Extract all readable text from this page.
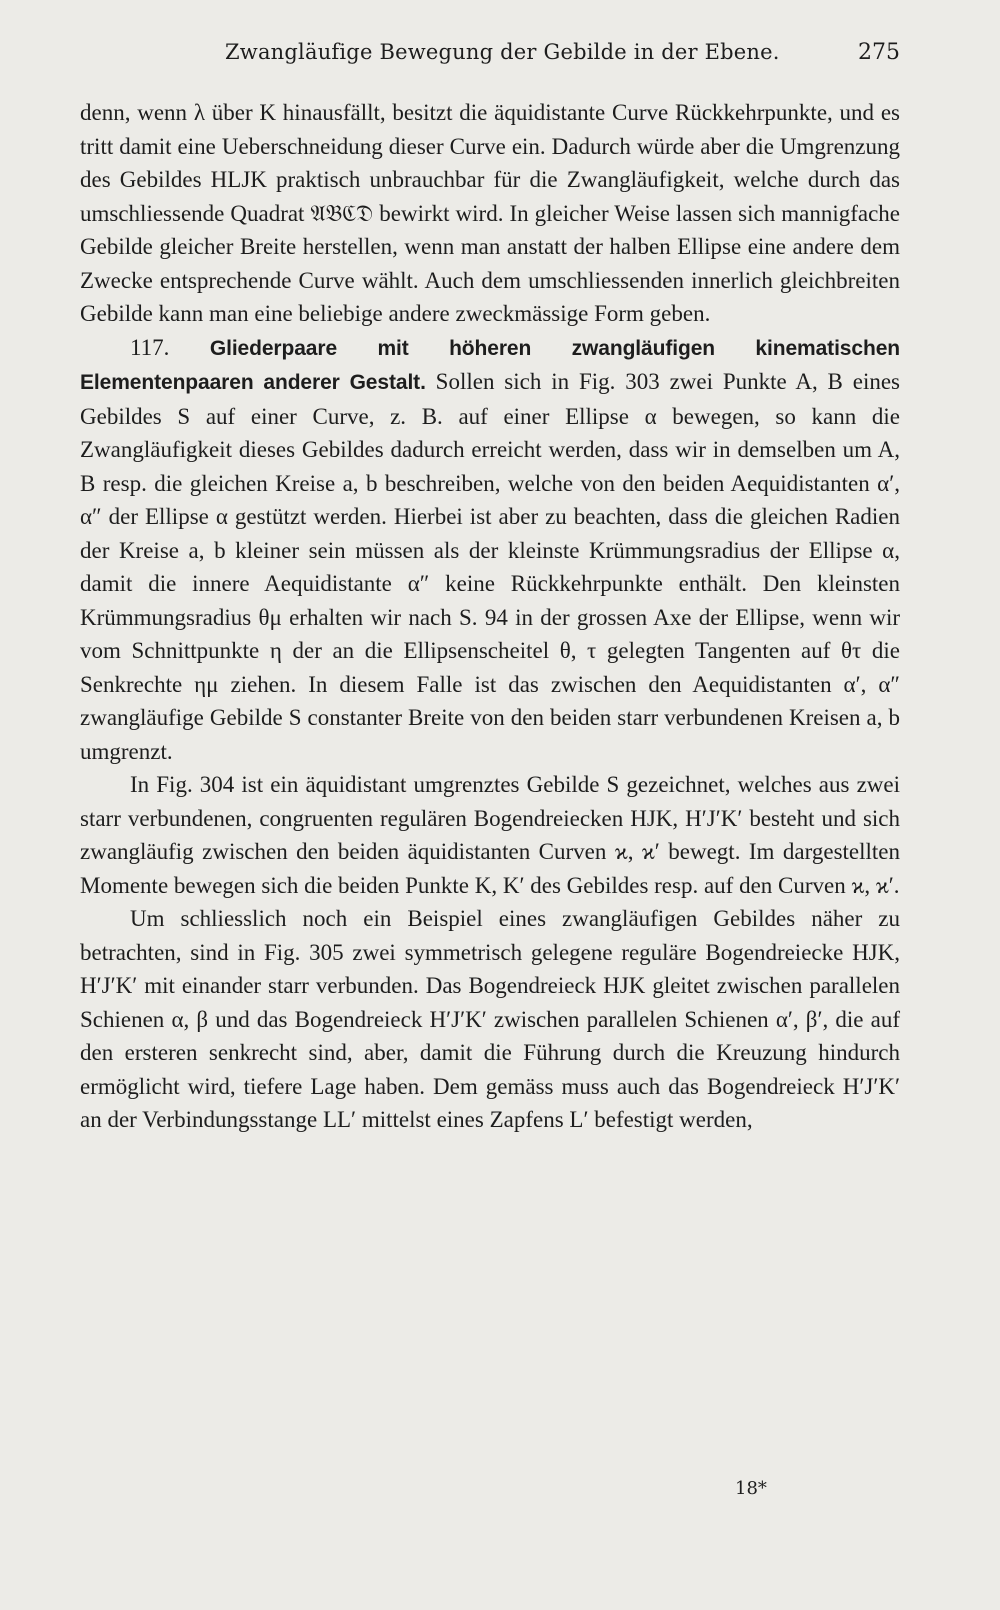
Zwangläufige Bewegung der Gebilde in der Ebene.	275

denn, wenn λ über K hinausfällt, besitzt die äquidistante Curve Rückkehrpunkte, und es tritt damit eine Ueberschneidung dieser Curve ein. Dadurch würde aber die Umgrenzung des Gebildes HLJK praktisch unbrauchbar für die Zwangläufigkeit, welche durch das umschliessende Quadrat 𝔄𝔅ℭ𝔇 bewirkt wird. In gleicher Weise lassen sich mannigfache Gebilde gleicher Breite herstellen, wenn man anstatt der halben Ellipse eine andere dem Zwecke entsprechende Curve wählt. Auch dem umschliessenden innerlich gleichbreiten Gebilde kann man eine beliebige andere zweckmässige Form geben.

117. Gliederpaare mit höheren zwangläufigen kinematischen Elementenpaaren anderer Gestalt. Sollen sich in Fig. 303 zwei Punkte A, B eines Gebildes S auf einer Curve, z. B. auf einer Ellipse α bewegen, so kann die Zwangläufigkeit dieses Gebildes dadurch erreicht werden, dass wir in demselben um A, B resp. die gleichen Kreise a, b beschreiben, welche von den beiden Aequidistanten α′, α″ der Ellipse α gestützt werden. Hierbei ist aber zu beachten, dass die gleichen Radien der Kreise a, b kleiner sein müssen als der kleinste Krümmungsradius der Ellipse α, damit die innere Aequidistante α″ keine Rückkehrpunkte enthält. Den kleinsten Krümmungsradius θμ erhalten wir nach S. 94 in der grossen Axe der Ellipse, wenn wir vom Schnittpunkte η der an die Ellipsenscheitel θ, τ gelegten Tangenten auf θτ die Senkrechte ημ ziehen. In diesem Falle ist das zwischen den Aequidistanten α′, α″ zwangläufige Gebilde S constanter Breite von den beiden starr verbundenen Kreisen a, b umgrenzt.

In Fig. 304 ist ein äquidistant umgrenztes Gebilde S gezeichnet, welches aus zwei starr verbundenen, congruenten regulären Bogendreiecken HJK, H′J′K′ besteht und sich zwangläufig zwischen den beiden äquidistanten Curven ϰ, ϰ′ bewegt. Im dargestellten Momente bewegen sich die beiden Punkte K, K′ des Gebildes resp. auf den Curven ϰ, ϰ′.

Um schliesslich noch ein Beispiel eines zwangläufigen Gebildes näher zu betrachten, sind in Fig. 305 zwei symmetrisch gelegene reguläre Bogendreiecke HJK, H′J′K′ mit einander starr verbunden. Das Bogendreieck HJK gleitet zwischen parallelen Schienen α, β und das Bogendreieck H′J′K′ zwischen parallelen Schienen α′, β′, die auf den ersteren senkrecht sind, aber, damit die Führung durch die Kreuzung hindurch ermöglicht wird, tiefere Lage haben. Dem gemäss muss auch das Bogendreieck H′J′K′ an der Verbindungsstange LL′ mittelst eines Zapfens L′ befestigt werden,

18*
